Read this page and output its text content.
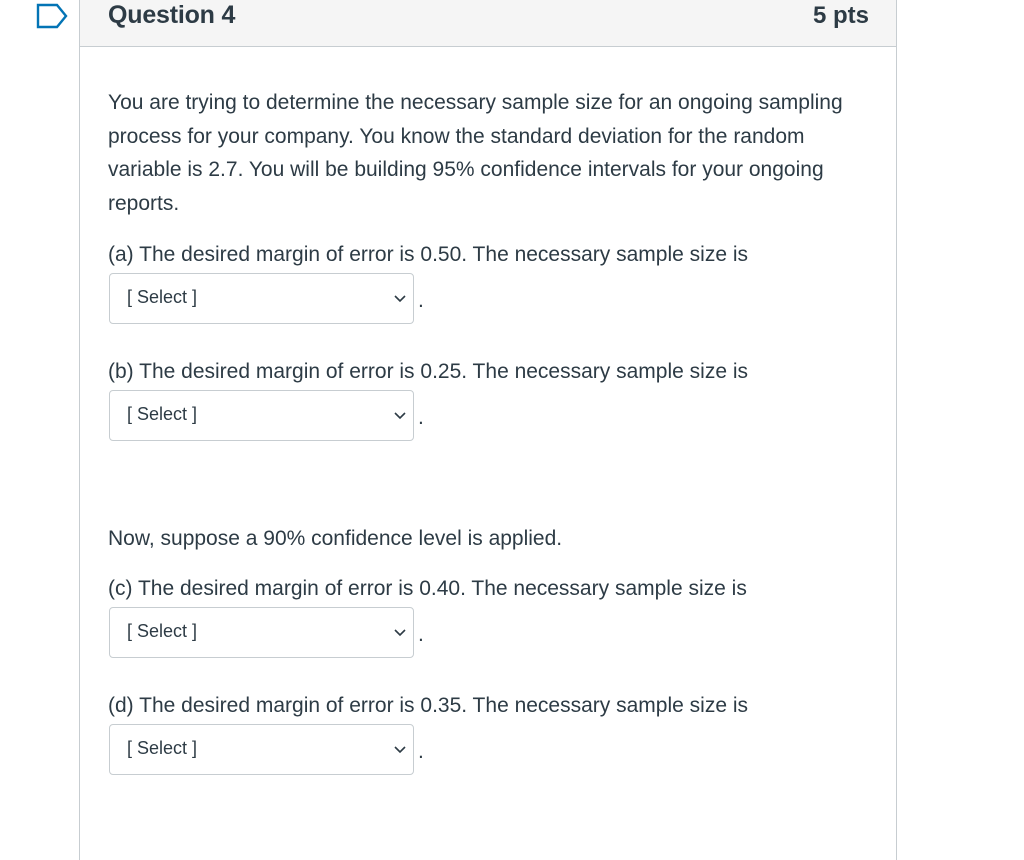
Question 4	5 pts

You are trying to determine the necessary sample size for an ongoing sampling process for your company. You know the standard deviation for the random variable is 2.7. You will be building 95% confidence intervals for your ongoing reports.

(a) The desired margin of error is 0.50. The necessary sample size is
[ Select ]	.
(b) The desired margin of error is 0.25. The necessary sample size is
[ Select ]	.
Now, suppose a 90% confidence level is applied.
(c) The desired margin of error is 0.40. The necessary sample size is
[ Select ]	.
(d) The desired margin of error is 0.35. The necessary sample size is
[ Select ]	.
